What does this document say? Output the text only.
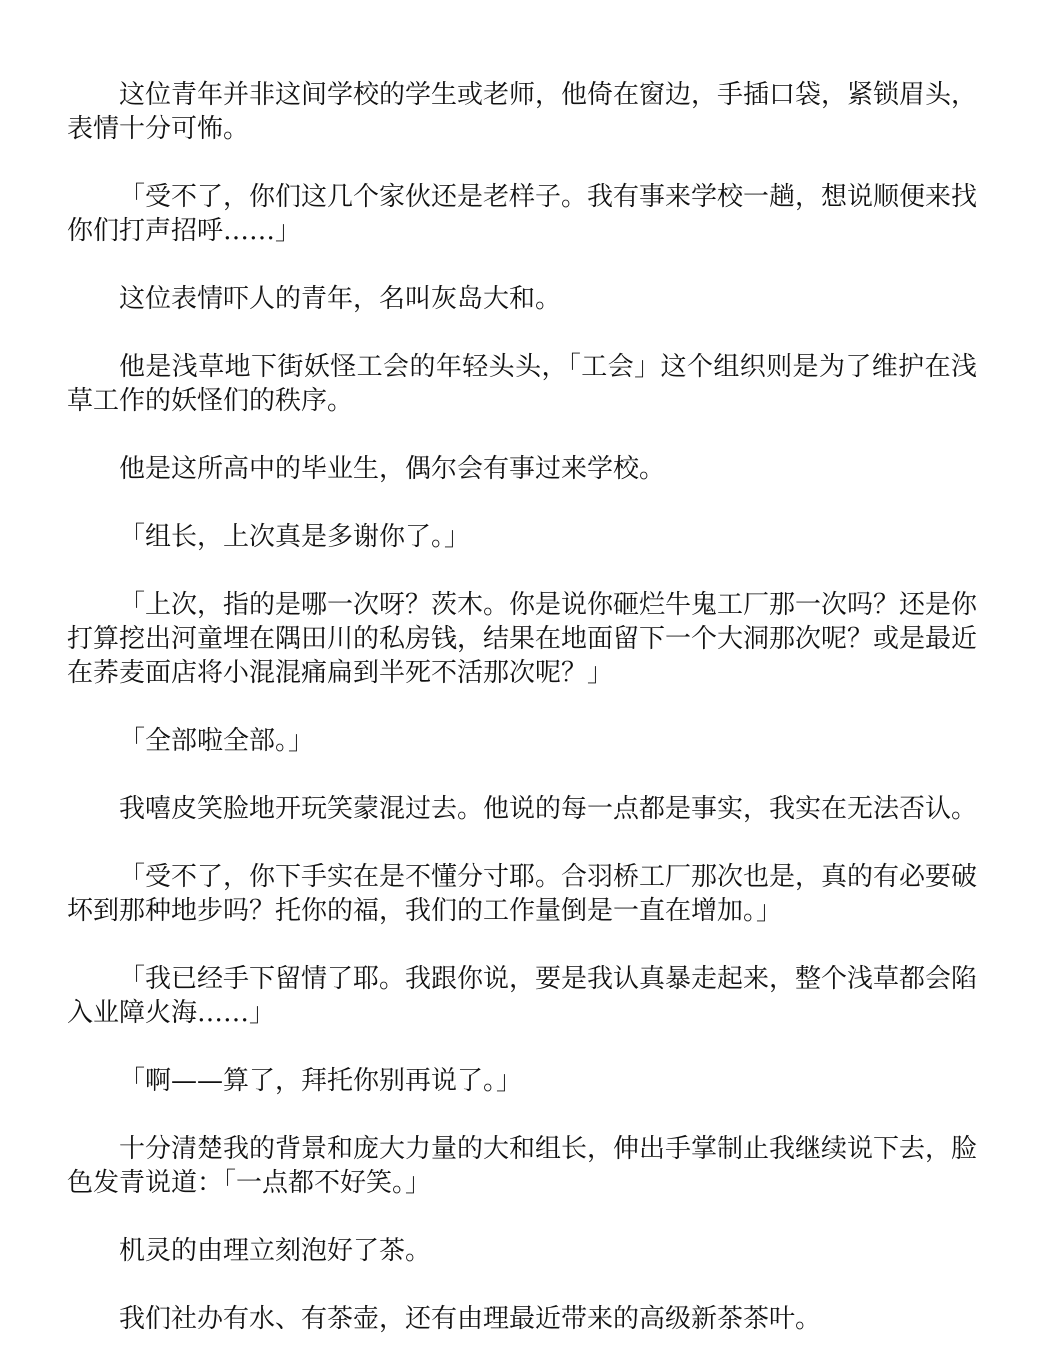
这位青年并非这间学校的学生或老师，他倚在窗边，手插口袋，紧锁眉头，表情十分可怖。

「受不了，你们这几个家伙还是老样子。我有事来学校一趟，想说顺便来找你们打声招呼……」

这位表情吓人的青年，名叫灰岛大和。

他是浅草地下街妖怪工会的年轻头头，「工会」这个组织则是为了维护在浅草工作的妖怪们的秩序。

他是这所高中的毕业生，偶尔会有事过来学校。

「组长，上次真是多谢你了。」

「上次，指的是哪一次呀？茨木。你是说你砸烂牛鬼工厂那一次吗？还是你打算挖出河童埋在隅田川的私房钱，结果在地面留下一个大洞那次呢？或是最近在荞麦面店将小混混痛扁到半死不活那次呢？」

「全部啦全部。」

我嘻皮笑脸地开玩笑蒙混过去。他说的每一点都是事实，我实在无法否认。

「受不了，你下手实在是不懂分寸耶。合羽桥工厂那次也是，真的有必要破坏到那种地步吗？托你的福，我们的工作量倒是一直在增加。」

「我已经手下留情了耶。我跟你说，要是我认真暴走起来，整个浅草都会陷入业障火海……」

「啊——算了，拜托你别再说了。」

十分清楚我的背景和庞大力量的大和组长，伸出手掌制止我继续说下去，脸色发青说道：「一点都不好笑。」

机灵的由理立刻泡好了茶。

我们社办有水、有茶壶，还有由理最近带来的高级新茶茶叶。
